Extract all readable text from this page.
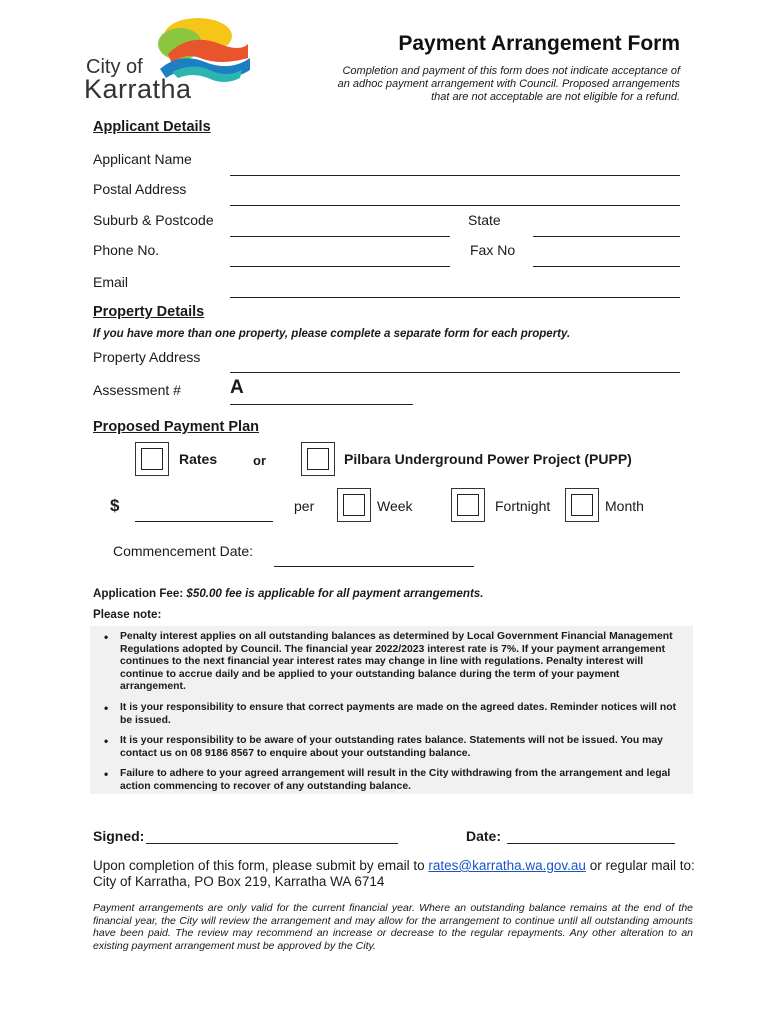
City of
Karratha
Payment Arrangement Form
Completion and payment of this form does not indicate acceptance of
an adhoc payment arrangement with Council. Proposed arrangements
that are not acceptable are not eligible for a refund.
Applicant Details
Applicant Name
Postal Address
Suburb & Postcode	State
Phone No.	Fax No
Email
Property Details
If you have more than one property, please complete a separate form for each property.
Property Address
Assessment #	A
Proposed Payment Plan
Rates	or	Pilbara Underground Power Project (PUPP)
$	per	Week	Fortnight	Month
Commencement Date:
Application Fee: $50.00 fee is applicable for all payment arrangements.
Please note:
• Penalty interest applies on all outstanding balances as determined by Local Government Financial Management Regulations adopted by Council. The financial year 2022/2023 interest rate is 7%. If your payment arrangement continues to the next financial year interest rates may change in line with regulations. Penalty interest will continue to accrue daily and be applied to your outstanding balance during the term of your payment arrangement.
• It is your responsibility to ensure that correct payments are made on the agreed dates. Reminder notices will not be issued.
• It is your responsibility to be aware of your outstanding rates balance. Statements will not be issued. You may contact us on 08 9186 8567 to enquire about your outstanding balance.
• Failure to adhere to your agreed arrangement will result in the City withdrawing from the arrangement and legal action commencing to recover of any outstanding balance.
Signed:	Date:
Upon completion of this form, please submit by email to rates@karratha.wa.gov.au or regular mail to: City of Karratha, PO Box 219, Karratha WA 6714
Payment arrangements are only valid for the current financial year. Where an outstanding balance remains at the end of the financial year, the City will review the arrangement and may allow for the arrangement to continue until all outstanding amounts have been paid. The review may recommend an increase or decrease to the regular repayments. Any other alteration to an existing payment arrangement must be approved by the City.
